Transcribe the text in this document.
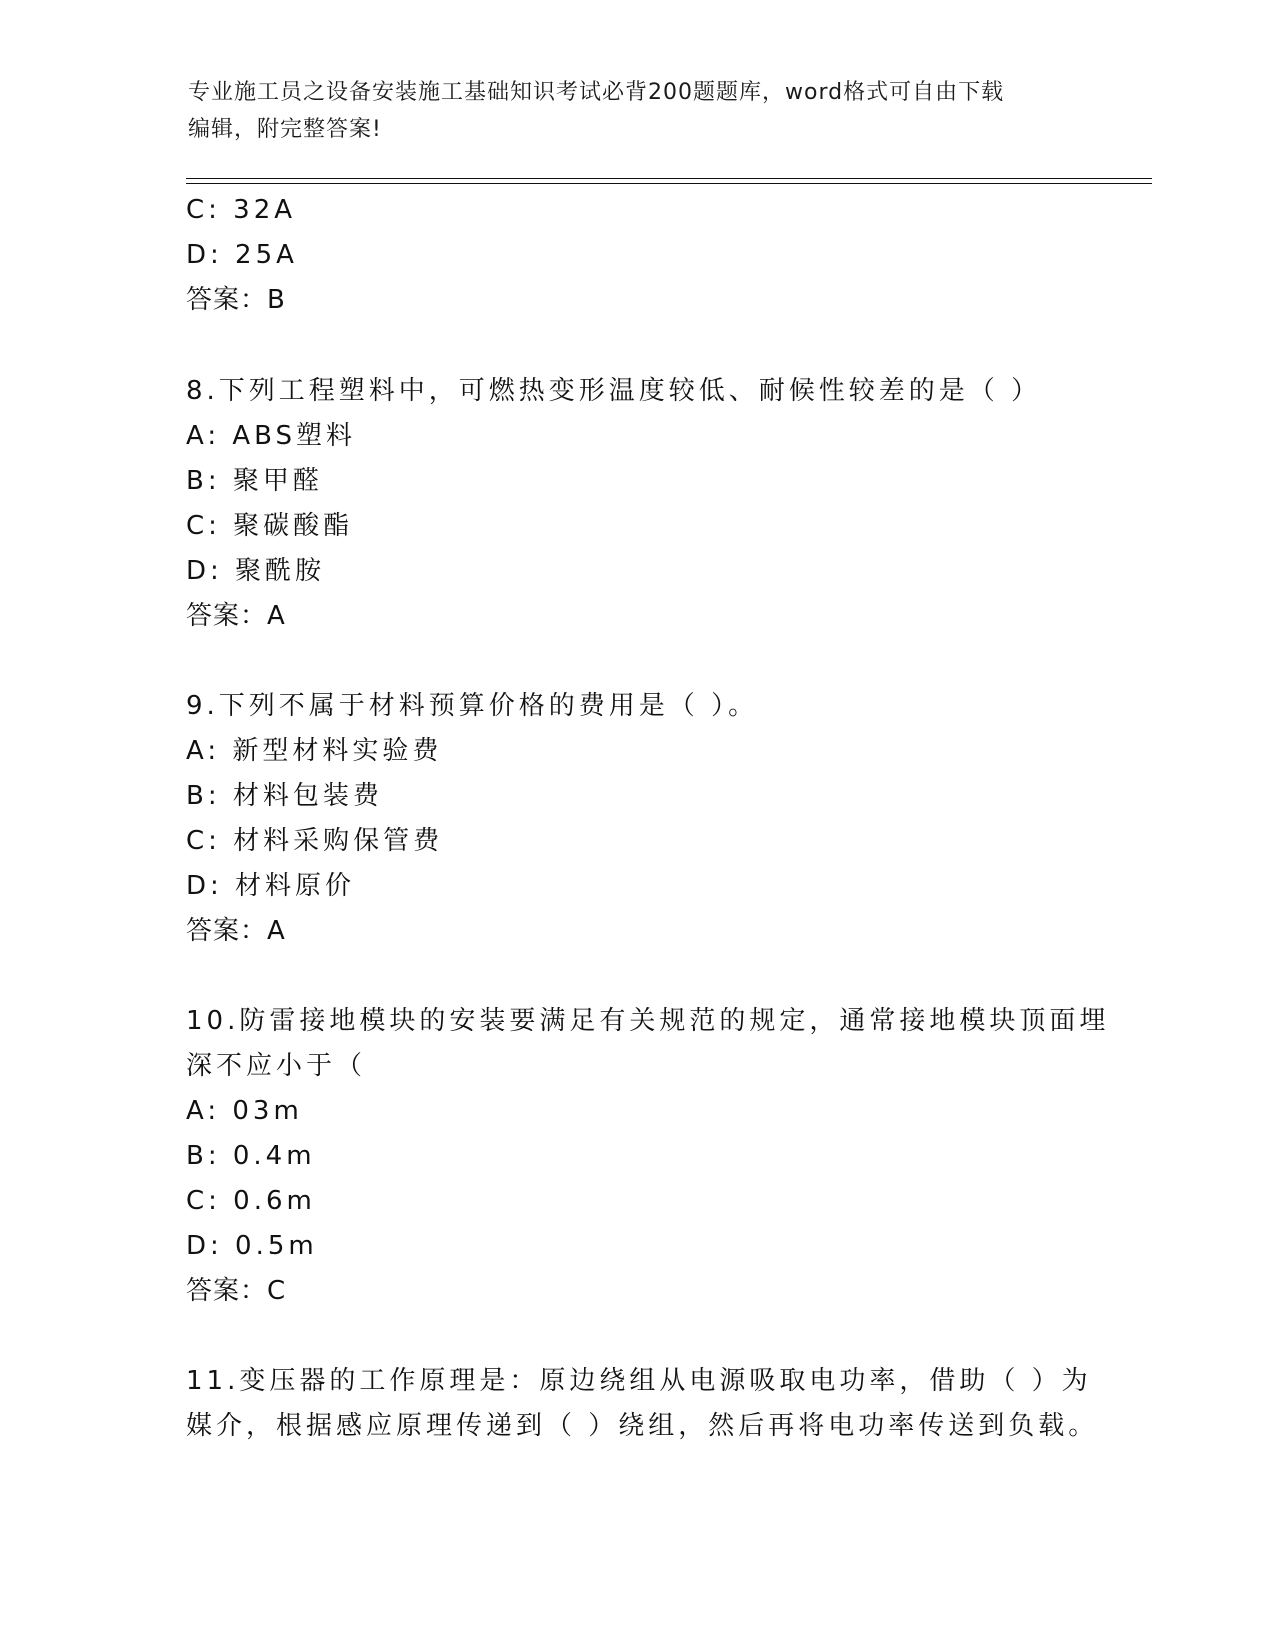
专业施工员之设备安装施工基础知识考试必背200题题库，word格式可自由下载
编辑，附完整答案!
C: 32A
D: 25A
答案：B
8.下列工程塑料中，可燃热变形温度较低、耐候性较差的是（ ）
A: ABS塑料
B: 聚甲醛
C: 聚碳酸酯
D: 聚酰胺
答案：A
9.下列不属于材料预算价格的费用是（ ）。
A: 新型材料实验费
B: 材料包装费
C: 材料采购保管费
D: 材料原价
答案：A
10.防雷接地模块的安装要满足有关规范的规定，通常接地模块顶面埋
深不应小于（
A: 03m
B: 0.4m
C: 0.6m
D: 0.5m
答案：C
11.变压器的工作原理是：原边绕组从电源吸取电功率，借助（ ）为
媒介，根据感应原理传递到（ ）绕组，然后再将电功率传送到负载。
